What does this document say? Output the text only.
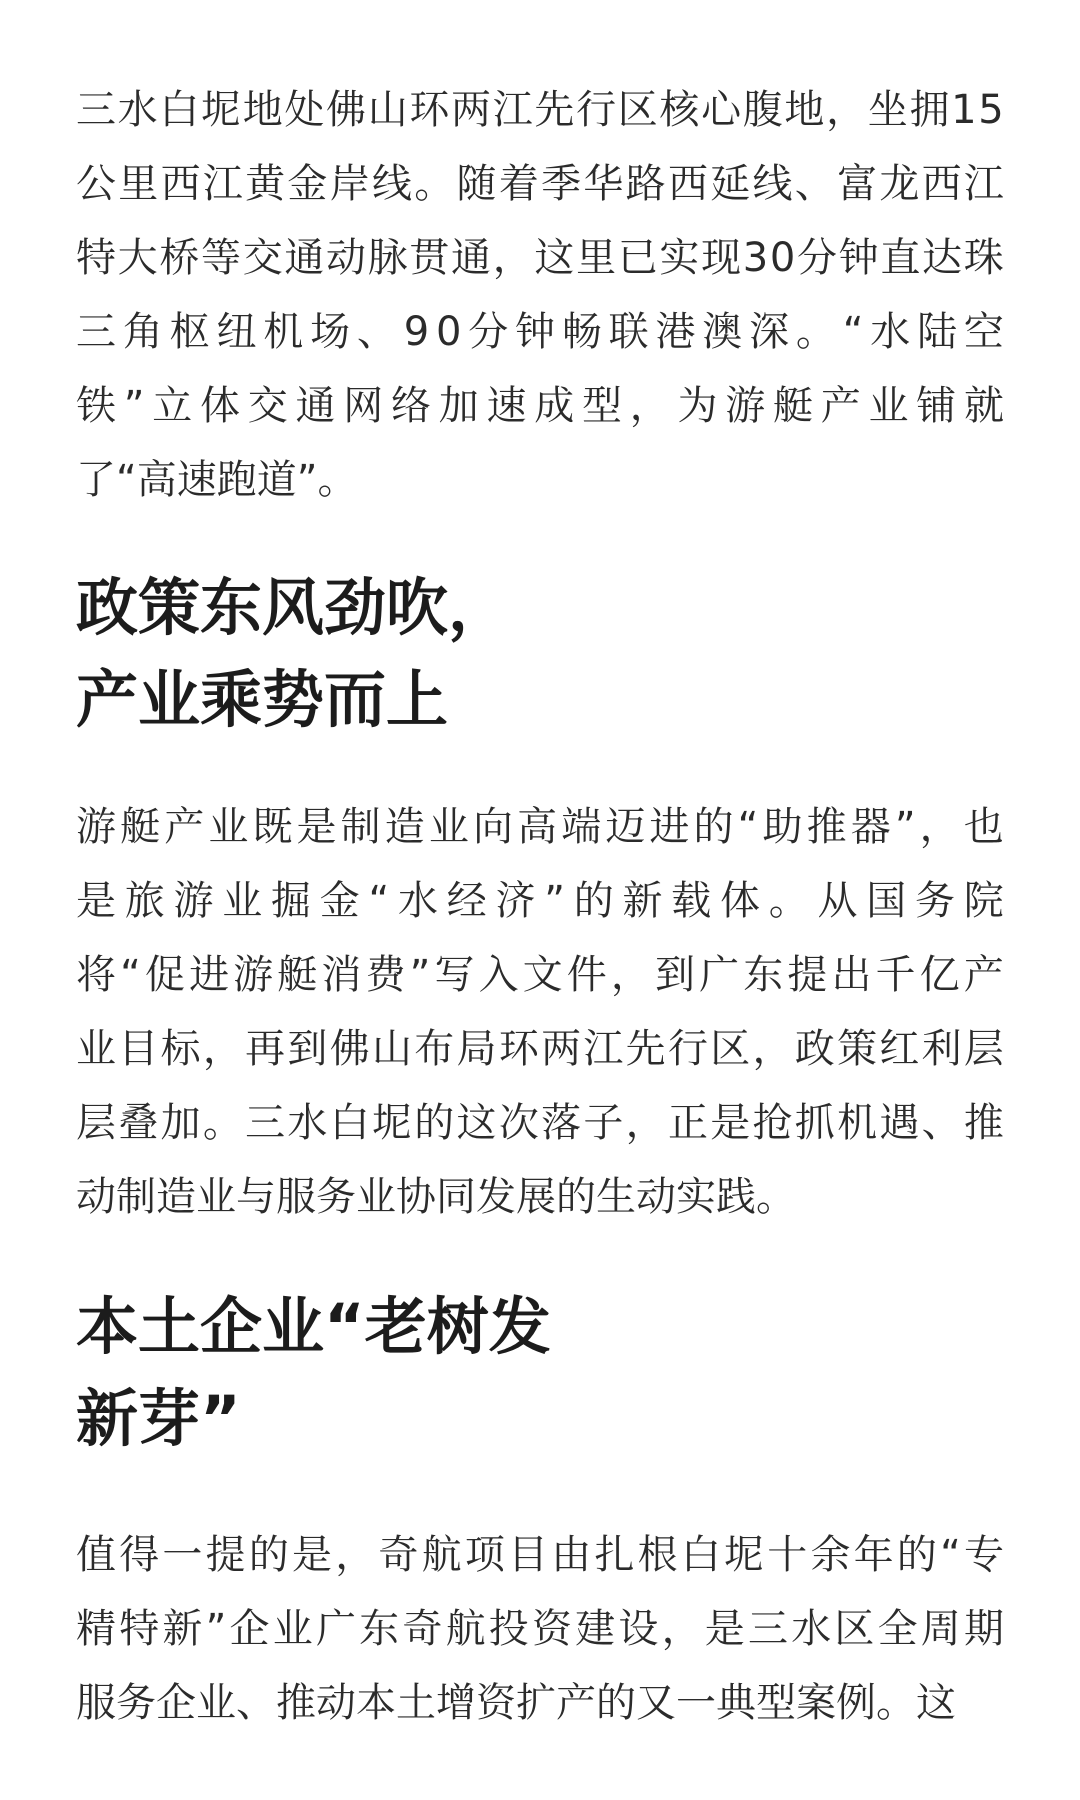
三 水 白 坭 地 处 佛 山 环 两 江 先 行 区 核 心 腹 地 ， 坐 拥 1 5
公 里 西 江 黄 金 岸 线 。 随 着 季 华 路 西 延 线 、 富 龙 西 江
特 大 桥 等 交 通 动 脉 贯 通 ， 这 里 已 实 现 3 0 分 钟 直 达 珠
三 角 枢 纽 机 场 、 9 0 分 钟 畅 联 港 澳 深 。 “ 水 陆 空
铁 ” 立 体 交 通 网 络 加 速 成 型 ， 为 游 艇 产 业 铺 就
了“高速跑道”。
政策东风劲吹，
产业乘势而上
游 艇 产 业 既 是 制 造 业 向 高 端 迈 进 的 “ 助 推 器 ” ， 也
是 旅 游 业 掘 金 “ 水 经 济 ” 的 新 载 体 。 从 国 务 院
将 “ 促 进 游 艇 消 费 ” 写 入 文 件 ， 到 广 东 提 出 千 亿 产
业 目 标 ， 再 到 佛 山 布 局 环 两 江 先 行 区 ， 政 策 红 利 层
层 叠 加 。 三 水 白 坭 的 这 次 落 子 ， 正 是 抢 抓 机 遇 、 推
动制造业与服务业协同发展的生动实践。
本土企业“老树发
新芽”
值 得 一 提 的 是 ， 奇 航 项 目 由 扎 根 白 坭 十 余 年 的 “ 专
精 特 新 ” 企 业 广 东 奇 航 投 资 建 设 ， 是 三 水 区 全 周 期
服务企业、推动本土增资扩产的又一典型案例。这
